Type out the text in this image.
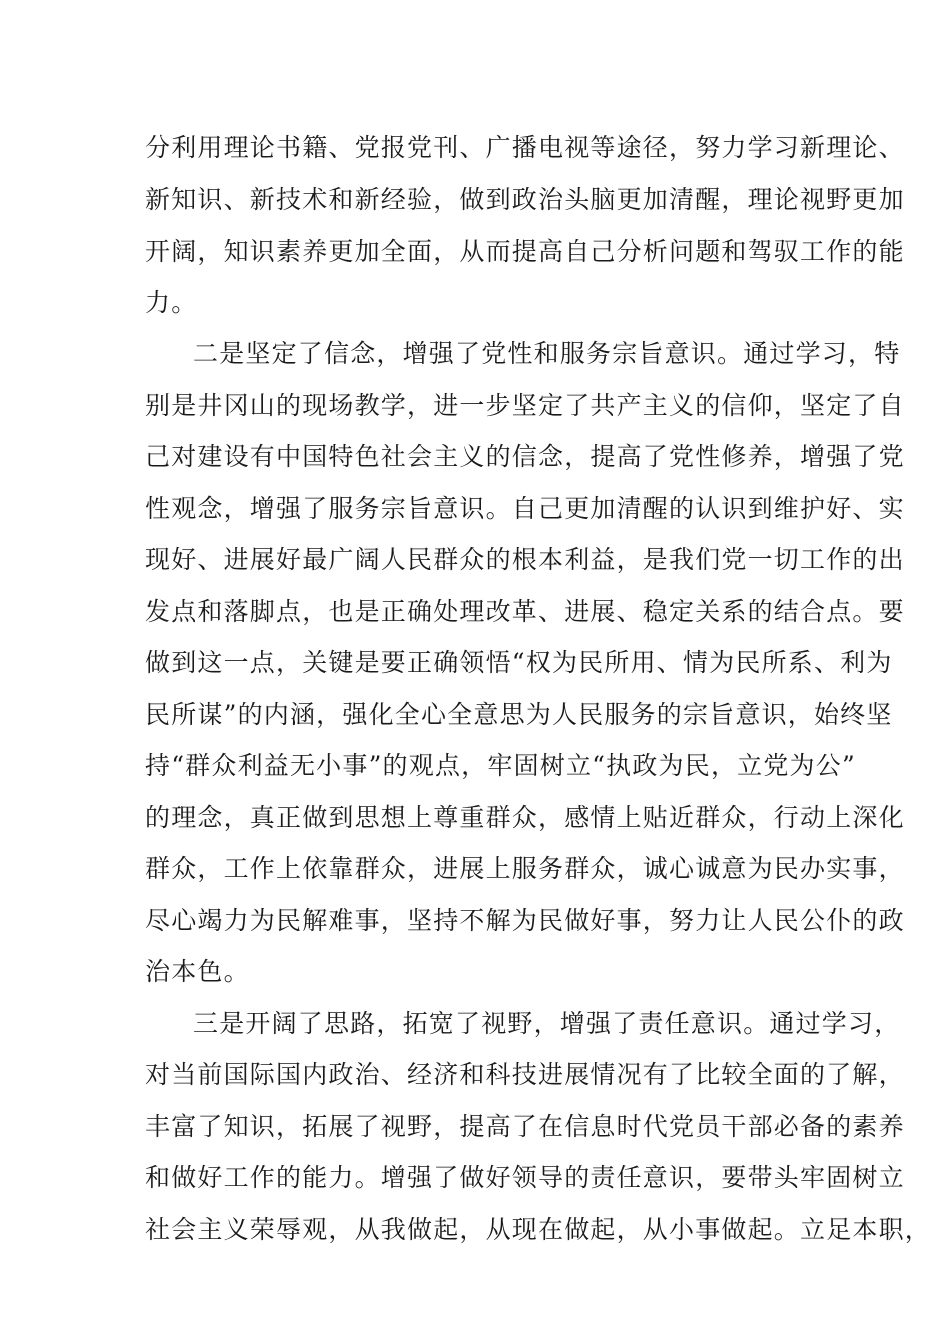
分利用理论书籍、党报党刊、广播电视等途径，努力学习新理论、
新知识、新技术和新经验，做到政治头脑更加清醒，理论视野更加
开阔，知识素养更加全面，从而提高自己分析问题和驾驭工作的能
力。
二是坚定了信念，增强了党性和服务宗旨意识。通过学习，特
别是井冈山的现场教学，进一步坚定了共产主义的信仰，坚定了自
己对建设有中国特色社会主义的信念，提高了党性修养，增强了党
性观念，增强了服务宗旨意识。自己更加清醒的认识到维护好、实
现好、进展好最广阔人民群众的根本利益，是我们党一切工作的出
发点和落脚点，也是正确处理改革、进展、稳定关系的结合点。要
做到这一点，关键是要正确领悟“权为民所用、情为民所系、利为
民所谋”的内涵，强化全心全意思为人民服务的宗旨意识，始终坚
持“群众利益无小事”的观点，牢固树立“执政为民，立党为公”
的理念，真正做到思想上尊重群众，感情上贴近群众，行动上深化
群众，工作上依靠群众，进展上服务群众，诚心诚意为民办实事，
尽心竭力为民解难事，坚持不解为民做好事，努力让人民公仆的政
治本色。
三是开阔了思路，拓宽了视野，增强了责任意识。通过学习，
对当前国际国内政治、经济和科技进展情况有了比较全面的了解，
丰富了知识，拓展了视野，提高了在信息时代党员干部必备的素养
和做好工作的能力。增强了做好领导的责任意识，要带头牢固树立
社会主义荣辱观，从我做起，从现在做起，从小事做起。立足本职，
